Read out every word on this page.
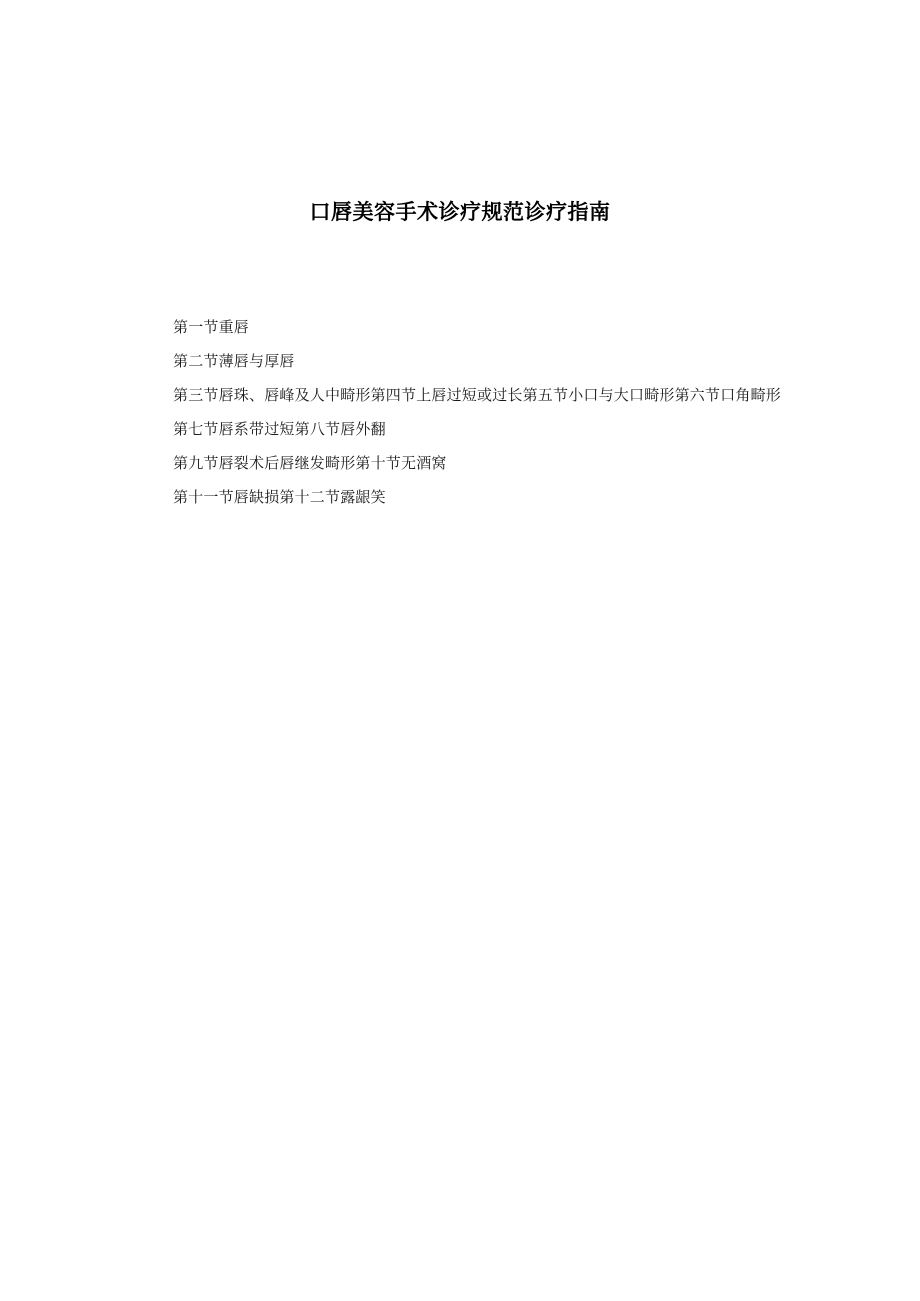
口唇美容手术诊疗规范诊疗指南
第一节重唇
第二节薄唇与厚唇
第三节唇珠、唇峰及人中畸形第四节上唇过短或过长第五节小口与大口畸形第六节口角畸形第七节唇系带过短第八节唇外翻
第九节唇裂术后唇继发畸形第十节无酒窝
第十一节唇缺损第十二节露龈笑
